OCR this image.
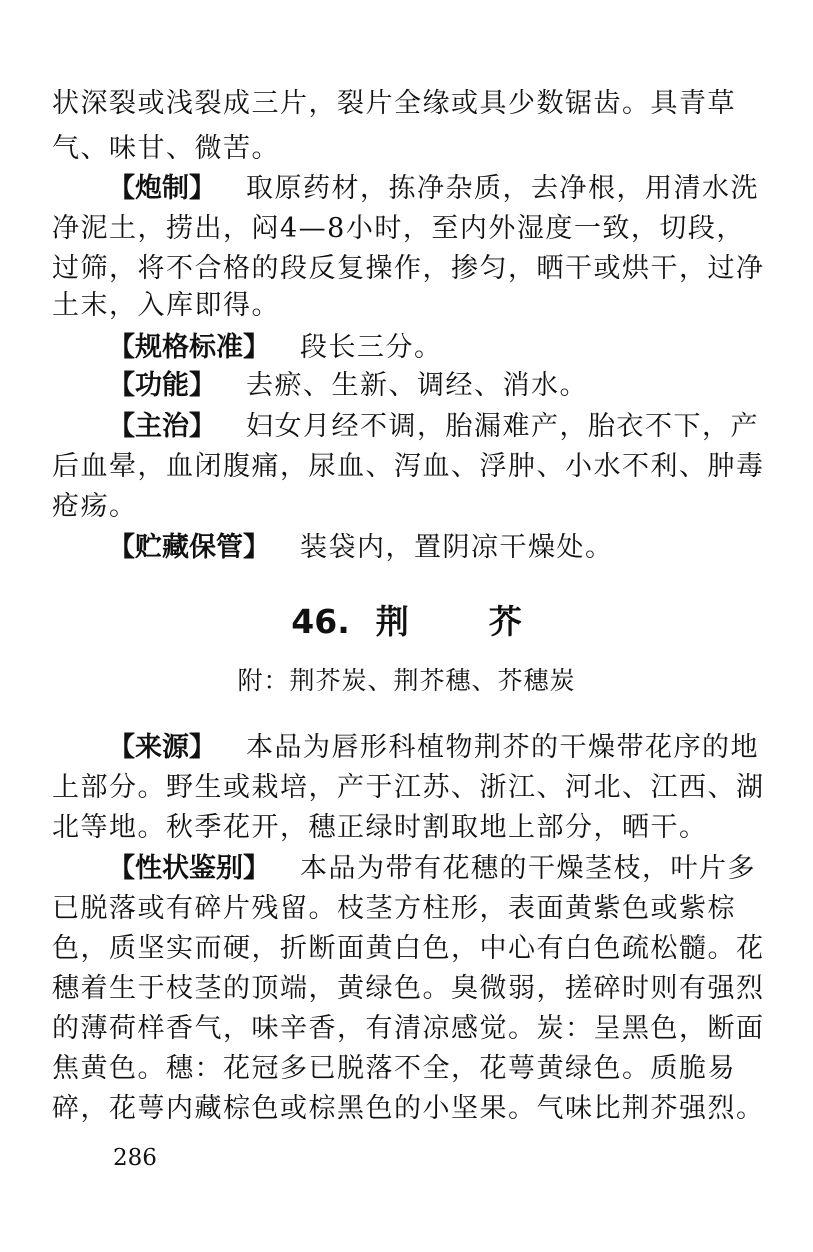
状深裂或浅裂成三片，裂片全缘或具少数锯齿。具青草
气、味甘、微苦。
【炮制】 取原药材，拣净杂质，去净根，用清水洗
净泥土，捞出，闷4—8小时，至内外湿度一致，切段，
过筛，将不合格的段反复操作，掺匀，晒干或烘干，过净
土末，入库即得。
【规格标准】 段长三分。
【功能】 去瘀、生新、调经、消水。
【主治】 妇女月经不调，胎漏难产，胎衣不下，产
后血晕，血闭腹痛，尿血、泻血、浮肿、小水不利、肿毒
疮疡。
【贮藏保管】 装袋内，置阴凉干燥处。
46. 荆 芥
附：荆芥炭、荆芥穗、芥穗炭
【来源】 本品为唇形科植物荆芥的干燥带花序的地
上部分。野生或栽培，产于江苏、浙江、河北、江西、湖
北等地。秋季花开，穗正绿时割取地上部分，晒干。
【性状鉴别】 本品为带有花穗的干燥茎枝，叶片多
已脱落或有碎片残留。枝茎方柱形，表面黄紫色或紫棕
色，质坚实而硬，折断面黄白色，中心有白色疏松髓。花
穗着生于枝茎的顶端，黄绿色。臭微弱，搓碎时则有强烈
的薄荷样香气，味辛香，有清凉感觉。炭：呈黑色，断面
焦黄色。穗：花冠多已脱落不全，花萼黄绿色。质脆易
碎，花萼内藏棕色或棕黑色的小坚果。气味比荆芥强烈。
286
